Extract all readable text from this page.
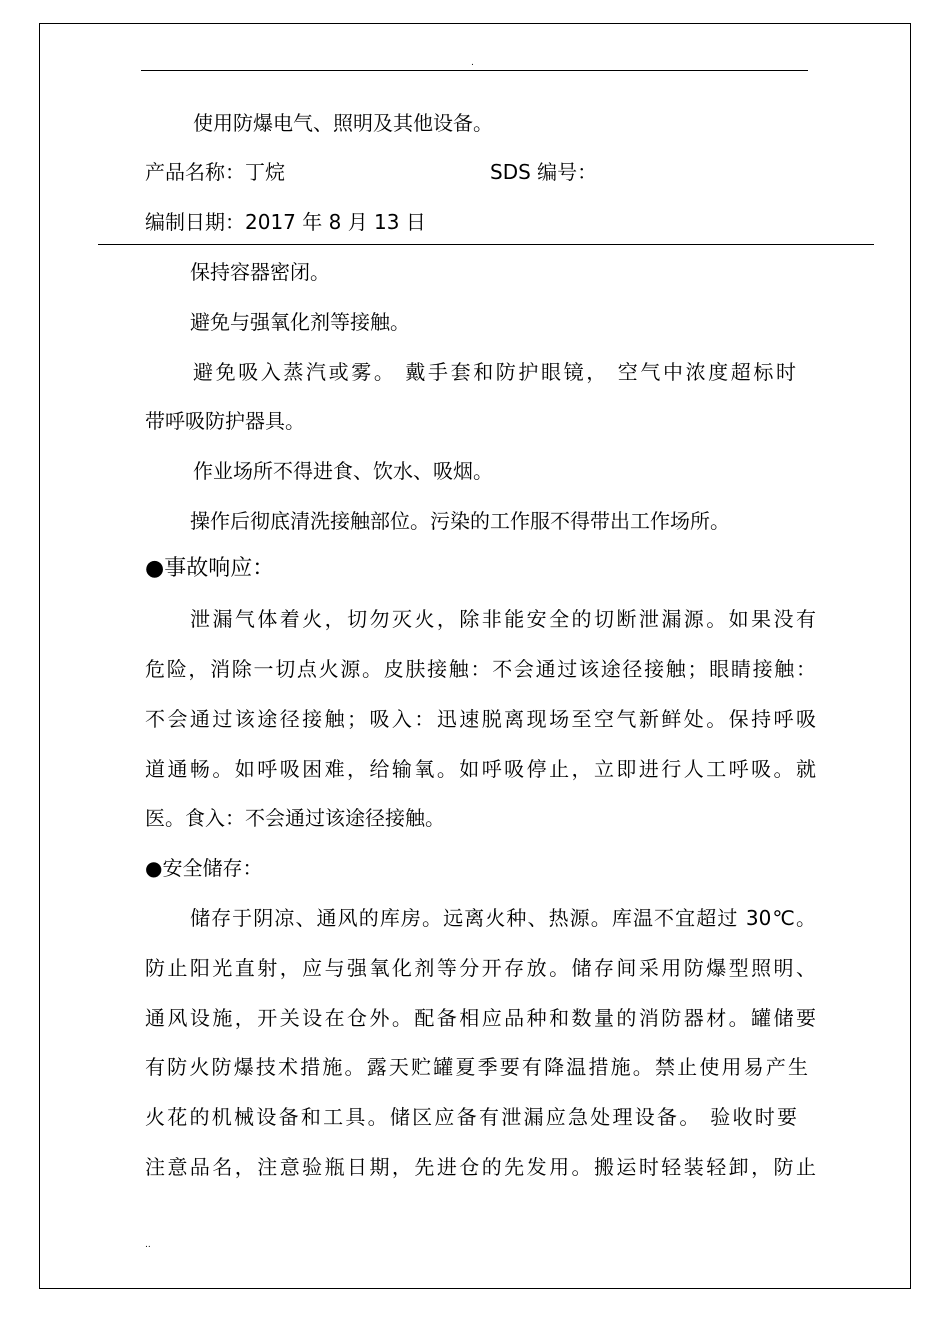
.
使用防爆电气、照明及其他设备。
产品名称：丁烷	SDS 编号：
编制日期：2017 年 8 月 13 日
保持容器密闭。
避免与强氧化剂等接触。
避免吸入蒸汽或雾。 戴手套和防护眼镜， 空气中浓度超标时
带呼吸防护器具。
作业场所不得进食、饮水、吸烟。
操作后彻底清洗接触部位。污染的工作服不得带出工作场所。
●事故响应：
泄漏气体着火，切勿灭火，除非能安全的切断泄漏源。如果没有
危险，消除一切点火源。皮肤接触：不会通过该途径接触；眼睛接触：
不会通过该途径接触；吸入：迅速脱离现场至空气新鲜处。保持呼吸
道通畅。如呼吸困难，给输氧。如呼吸停止，立即进行人工呼吸。就
医。食入：不会通过该途径接触。
●安全储存：
储存于阴凉、通风的库房。远离火种、热源。库温不宜超过 30℃。
防止阳光直射，应与强氧化剂等分开存放。储存间采用防爆型照明、
通风设施，开关设在仓外。配备相应品种和数量的消防器材。罐储要
有防火防爆技术措施。露天贮罐夏季要有降温措施。禁止使用易产生
火花的机械设备和工具。储区应备有泄漏应急处理设备。 验收时要
注意品名，注意验瓶日期，先进仓的先发用。搬运时轻装轻卸，防止
..
